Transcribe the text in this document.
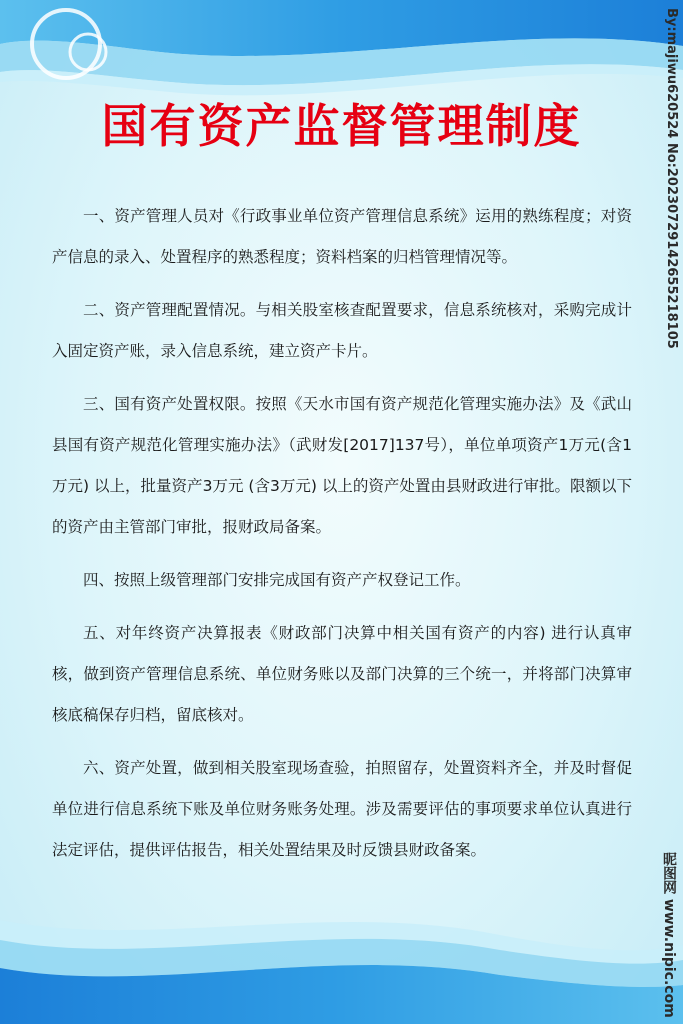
国有资产监督管理制度

一、资产管理人员对《行政事业单位资产管理信息系统》运用的熟练程度；对资产信息的录入、处置程序的熟悉程度；资料档案的归档管理情况等。

二、资产管理配置情况。与相关股室核查配置要求，信息系统核对，采购完成计入固定资产账，录入信息系统，建立资产卡片。

三、国有资产处置权限。按照《天水市国有资产规范化管理实施办法》及《武山县国有资产规范化管理实施办法》（武财发[2017]137号），单位单项资产1万元(含1万元) 以上，批量资产3万元 (含3万元) 以上的资产处置由县财政进行审批。限额以下的资产由主管部门审批，报财政局备案。

四、按照上级管理部门安排完成国有资产产权登记工作。

五、对年终资产决算报表《财政部门决算中相关国有资产的内容) 进行认真审核，做到资产管理信息系统、单位财务账以及部门决算的三个统一，并将部门决算审核底稿保存归档，留底核对。

六、资产处置，做到相关股室现场查验，拍照留存，处置资料齐全，并及时督促单位进行信息系统下账及单位财务账务处理。涉及需要评估的事项要求单位认真进行法定评估，提供评估报告，相关处置结果及时反馈县财政备案。

By:majiwu620524 No:20230729142655218105
昵图网 www.nipic.com
